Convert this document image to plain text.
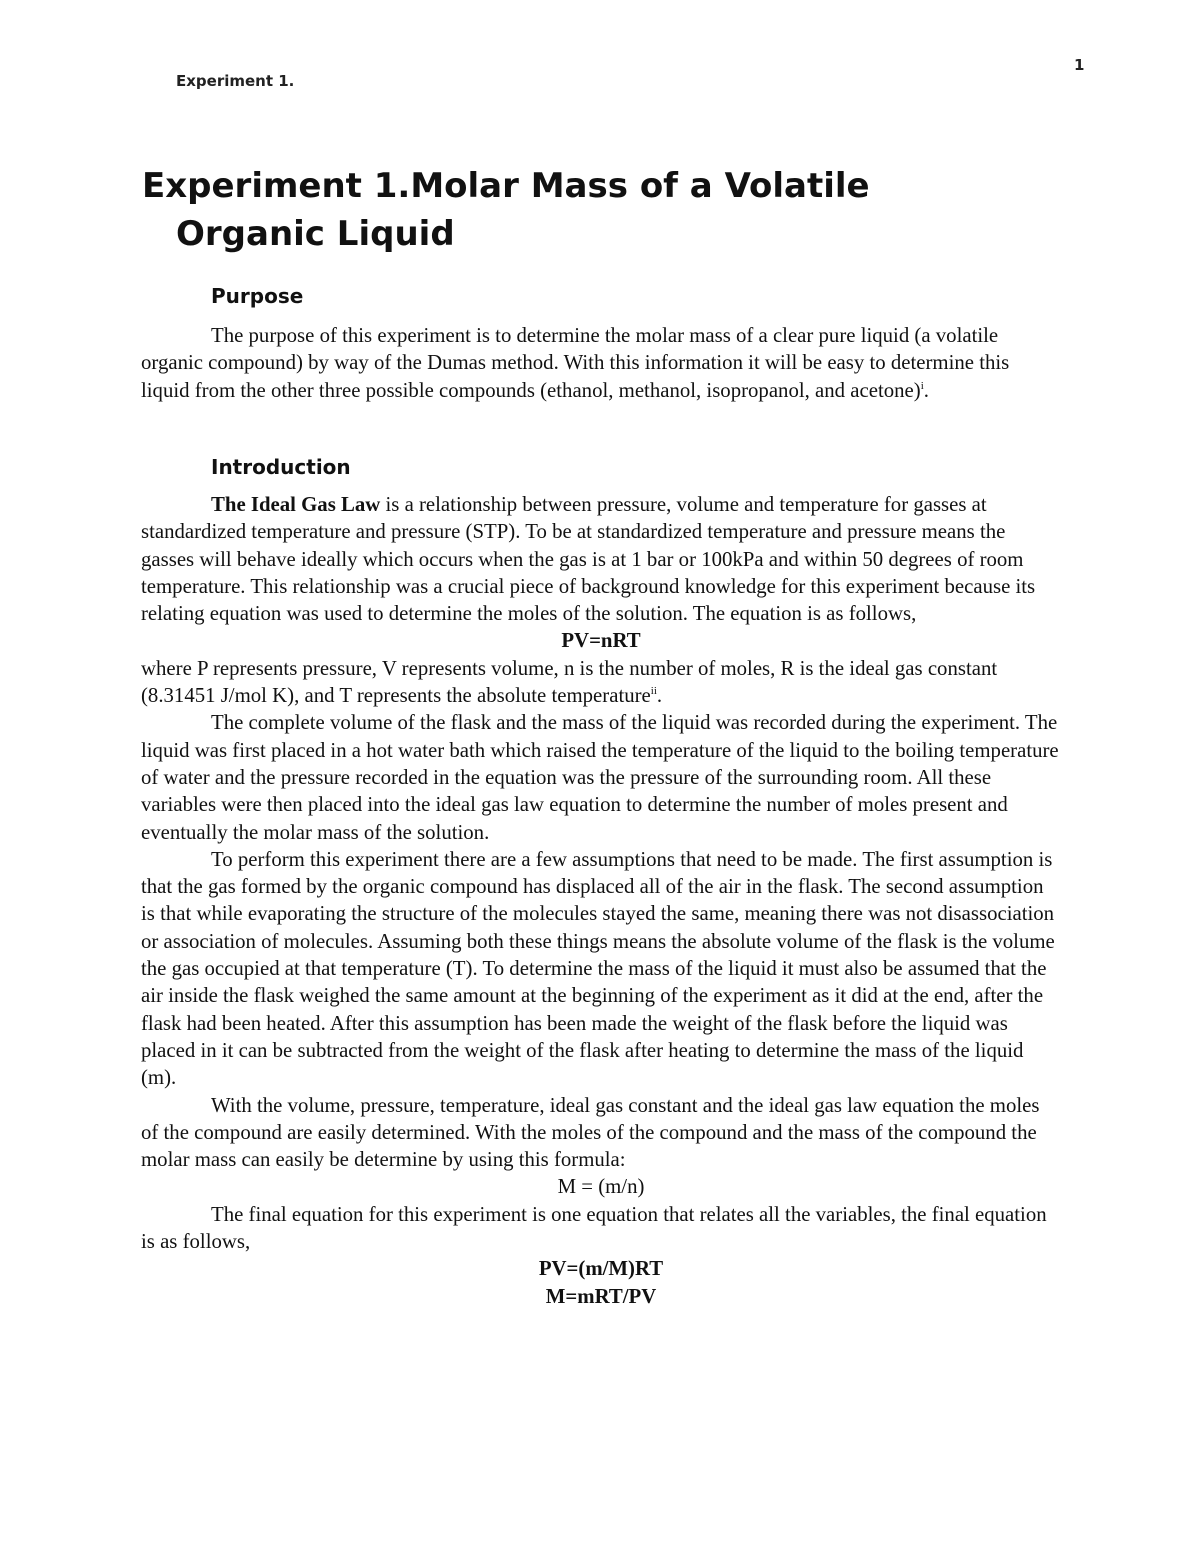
Experiment 1.
1
Experiment 1.Molar Mass of a Volatile
Organic Liquid
Purpose

The purpose of this experiment is to determine the molar mass of a clear pure liquid (a volatile organic compound) by way of the Dumas method. With this information it will be easy to determine this liquid from the other three possible compounds (ethanol, methanol, isopropanol, and acetone)$^i$.

Introduction

The Ideal Gas Law is a relationship between pressure, volume and temperature for gasses at standardized temperature and pressure (STP). To be at standardized temperature and pressure means the gasses will behave ideally which occurs when the gas is at 1 bar or 100kPa and within 50 degrees of room temperature. This relationship was a crucial piece of background knowledge for this experiment because its relating equation was used to determine the moles of the solution. The equation is as follows,

PV=nRT

where P represents pressure, V represents volume, n is the number of moles, R is the ideal gas constant (8.31451 J/mol K), and T represents the absolute temperature$^{ii}$.

The complete volume of the flask and the mass of the liquid was recorded during the experiment. The liquid was first placed in a hot water bath which raised the temperature of the liquid to the boiling temperature of water and the pressure recorded in the equation was the pressure of the surrounding room. All these variables were then placed into the ideal gas law equation to determine the number of moles present and eventually the molar mass of the solution.

To perform this experiment there are a few assumptions that need to be made. The first assumption is that the gas formed by the organic compound has displaced all of the air in the flask. The second assumption is that while evaporating the structure of the molecules stayed the same, meaning there was not disassociation or association of molecules. Assuming both these things means the absolute volume of the flask is the volume the gas occupied at that temperature (T). To determine the mass of the liquid it must also be assumed that the air inside the flask weighed the same amount at the beginning of the experiment as it did at the end, after the flask had been heated. After this assumption has been made the weight of the flask before the liquid was placed in it can be subtracted from the weight of the flask after heating to determine the mass of the liquid (m).

With the volume, pressure, temperature, ideal gas constant and the ideal gas law equation the moles of the compound are easily determined. With the moles of the compound and the mass of the compound the molar mass can easily be determine by using this formula:

M = (m/n)

The final equation for this experiment is one equation that relates all the variables, the final equation is as follows,

PV=(m/M)RT

M=mRT/PV
